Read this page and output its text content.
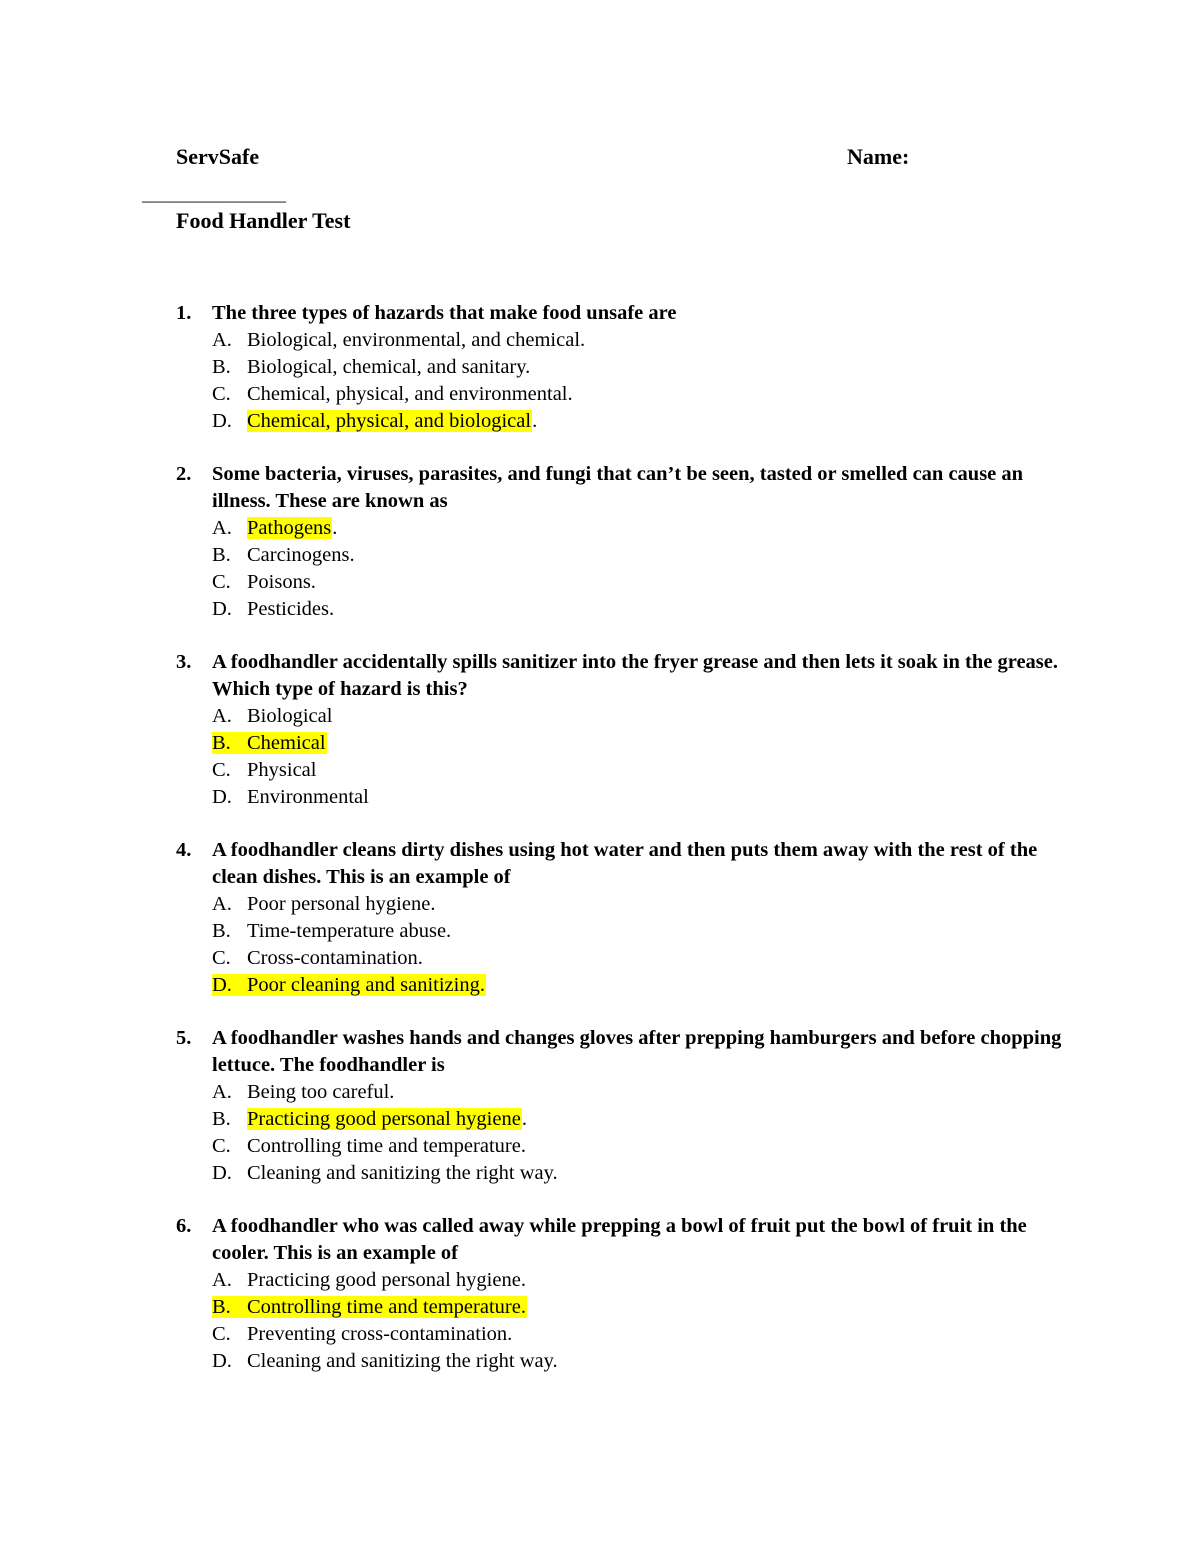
ServSafe	Name:
________________
Food Handler Test
1. The three types of hazards that make food unsafe are
A. Biological, environmental, and chemical.
B. Biological, chemical, and sanitary.
C. Chemical, physical, and environmental.
D. Chemical, physical, and biological.
2. Some bacteria, viruses, parasites, and fungi that can’t be seen, tasted or smelled can cause an illness. These are known as
A. Pathogens.
B. Carcinogens.
C. Poisons.
D. Pesticides.
3. A foodhandler accidentally spills sanitizer into the fryer grease and then lets it soak in the grease. Which type of hazard is this?
A. Biological
B. Chemical
C. Physical
D. Environmental
4. A foodhandler cleans dirty dishes using hot water and then puts them away with the rest of the clean dishes. This is an example of
A. Poor personal hygiene.
B. Time-temperature abuse.
C. Cross-contamination.
D. Poor cleaning and sanitizing.
5. A foodhandler washes hands and changes gloves after prepping hamburgers and before chopping lettuce. The foodhandler is
A. Being too careful.
B. Practicing good personal hygiene.
C. Controlling time and temperature.
D. Cleaning and sanitizing the right way.
6. A foodhandler who was called away while prepping a bowl of fruit put the bowl of fruit in the cooler. This is an example of
A. Practicing good personal hygiene.
B. Controlling time and temperature.
C. Preventing cross-contamination.
D. Cleaning and sanitizing the right way.
